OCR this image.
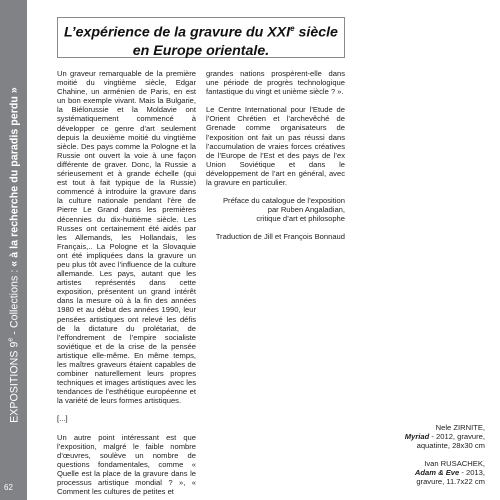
EXPOSITIONS 9e - Collections : « à la recherche du paradis perdu »
62
L’expérience de la gravure du XXIe siècle
en Europe orientale.

Un graveur remarquable de la première moitié du vingtième siècle, Edgar Chahine, un arménien de Paris, en est un bon exemple vivant. Mais la Bulgarie, la Biélorussie et la Moldavie ont systématiquement commencé à développer ce genre d’art seulement depuis la deuxième moitié du vingtième siècle. Des pays comme la Pologne et la Russie ont ouvert la voie à une façon différente de graver. Donc, la Russie a sérieusement et à grande échelle (qui est tout à fait typique de la Russie) commencé à introduire la gravure dans la culture nationale pendant l’ère de Pierre Le Grand dans les premières décennies du dix-huitième siècle. Les Russes ont certainement été aidés par les Allemands, les Hollandais, les Français,.. La Pologne et la Slovaquie ont été impliquées dans la gravure un peu plus tôt avec l’influence de la culture allemande. Les pays, autant que les artistes représentés dans cette exposition, présentent un grand intérêt dans la mesure où à la fin des années 1980 et au début des années 1990, leur pensées artistiques ont relevé les défis de la dictature du prolétariat, de l’effondrement de l’empire socialiste soviétique et de la crise de la pensée artistique elle-même. En même temps, les maîtres graveurs étaient capables de combiner naturellement leurs propres techniques et images artistiques avec les tendances de l’esthétique européenne et la variété de leurs formes artistiques.

[...]

Un autre point intéressant est que l’exposition, malgré le faible nombre d’œuvres, soulève un nombre de questions fondamentales, comme « Quelle est la place de la gravure dans le processus artistique mondial ? », « Comment les cultures de petites et

grandes nations prospèrent-elle dans une période de progrès technologique fantastique du vingt et unième siècle ? ».

Le Centre International pour l’Etude de l’Orient Chrétien et l’archevêché de Grenade comme organisateurs de l’exposition ont fait un pas réussi dans l’accumulation de vraies forces créatives de l’Europe de l’Est et des pays de l’ex Union Soviétique et dans le développement de l’art en général, avec la gravure en particulier.

Préface du catalogue de l’exposition

par Ruben Angaladian,

critique d’art et philosophe

Traduction de Jill et François Bonnaud

Nele ZIRNITE,
Myriad - 2012, gravure,
aquatinte, 28x30 cm
Ivan RUSACHEK,
Adam & Eve - 2013,
gravure, 11.7x22 cm
